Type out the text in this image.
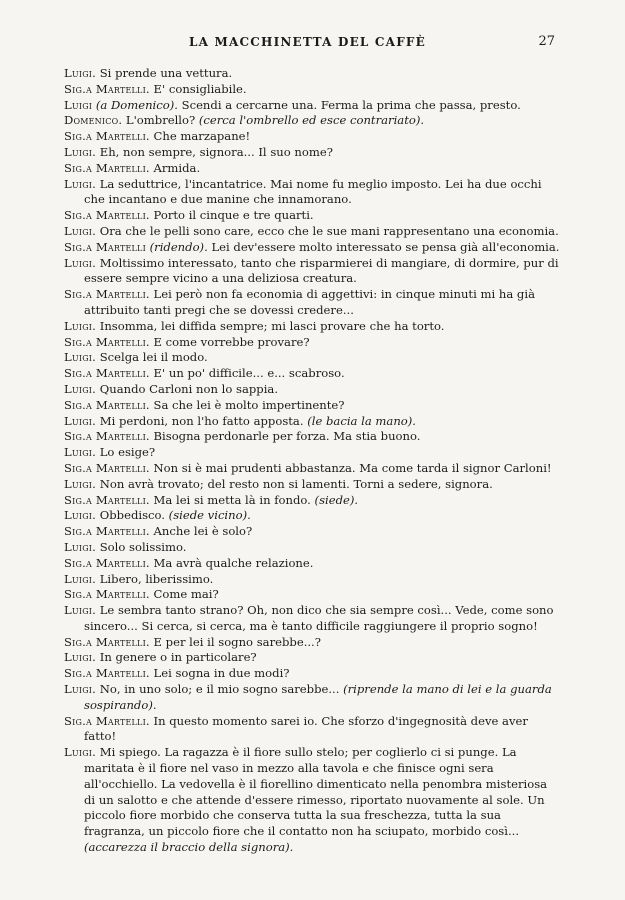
LA MACCHINETTA DEL CAFFÈ	27

Luigi. Si prende una vettura.

Sig.a Martelli. E' consigliabile.

Luigi (a Domenico). Scendi a cercarne una. Ferma la prima che passa, presto.

Domenico. L'ombrello? (cerca l'ombrello ed esce contrariato).

Sig.a Martelli. Che marzapane!

Luigi. Eh, non sempre, signora... Il suo nome?

Sig.a Martelli. Armida.

Luigi. La seduttrice, l'incantatrice. Mai nome fu meglio imposto. Lei ha due occhi che incantano e due manine che innamorano.

Sig.a Martelli. Porto il cinque e tre quarti.

Luigi. Ora che le pelli sono care, ecco che le sue mani rappresentano una economia.

Sig.a Martelli (ridendo). Lei dev'essere molto interessato se pensa già all'economia.

Luigi. Moltissimo interessato, tanto che risparmierei di mangiare, di dormire, pur di essere sempre vicino a una deliziosa creatura.

Sig.a Martelli. Lei però non fa economia di aggettivi: in cinque minuti mi ha già attribuito tanti pregi che se dovessi credere...

Luigi. Insomma, lei diffida sempre; mi lasci provare che ha torto.

Sig.a Martelli. E come vorrebbe provare?

Luigi. Scelga lei il modo.

Sig.a Martelli. E' un po' difficile... e... scabroso.

Luigi. Quando Carloni non lo sappia.

Sig.a Martelli. Sa che lei è molto impertinente?

Luigi. Mi perdoni, non l'ho fatto apposta. (le bacia la mano).

Sig.a Martelli. Bisogna perdonarle per forza. Ma stia buono.

Luigi. Lo esige?

Sig.a Martelli. Non si è mai prudenti abbastanza. Ma come tarda il signor Carloni!

Luigi. Non avrà trovato; del resto non si lamenti. Torni a sedere, signora.

Sig.a Martelli. Ma lei si metta là in fondo. (siede).

Luigi. Obbedisco. (siede vicino).

Sig.a Martelli. Anche lei è solo?

Luigi. Solo solissimo.

Sig.a Martelli. Ma avrà qualche relazione.

Luigi. Libero, liberissimo.

Sig.a Martelli. Come mai?

Luigi. Le sembra tanto strano? Oh, non dico che sia sempre così... Vede, come sono sincero... Si cerca, si cerca, ma è tanto difficile raggiungere il proprio sogno!

Sig.a Martelli. E per lei il sogno sarebbe...?

Luigi. In genere o in particolare?

Sig.a Martelli. Lei sogna in due modi?

Luigi. No, in uno solo; e il mio sogno sarebbe... (riprende la mano di lei e la guarda sospirando).

Sig.a Martelli. In questo momento sarei io. Che sforzo d'ingegnosità deve aver fatto!

Luigi. Mi spiego. La ragazza è il fiore sullo stelo; per coglierlo ci si punge. La maritata è il fiore nel vaso in mezzo alla tavola e che finisce ogni sera all'occhiello. La vedovella è il fiorellino dimenticato nella penombra misteriosa di un salotto e che attende d'essere rimesso, riportato nuovamente al sole. Un piccolo fiore morbido che conserva tutta la sua freschezza, tutta la sua fragranza, un piccolo fiore che il contatto non ha sciupato, morbido così... (accarezza il braccio della signora).
